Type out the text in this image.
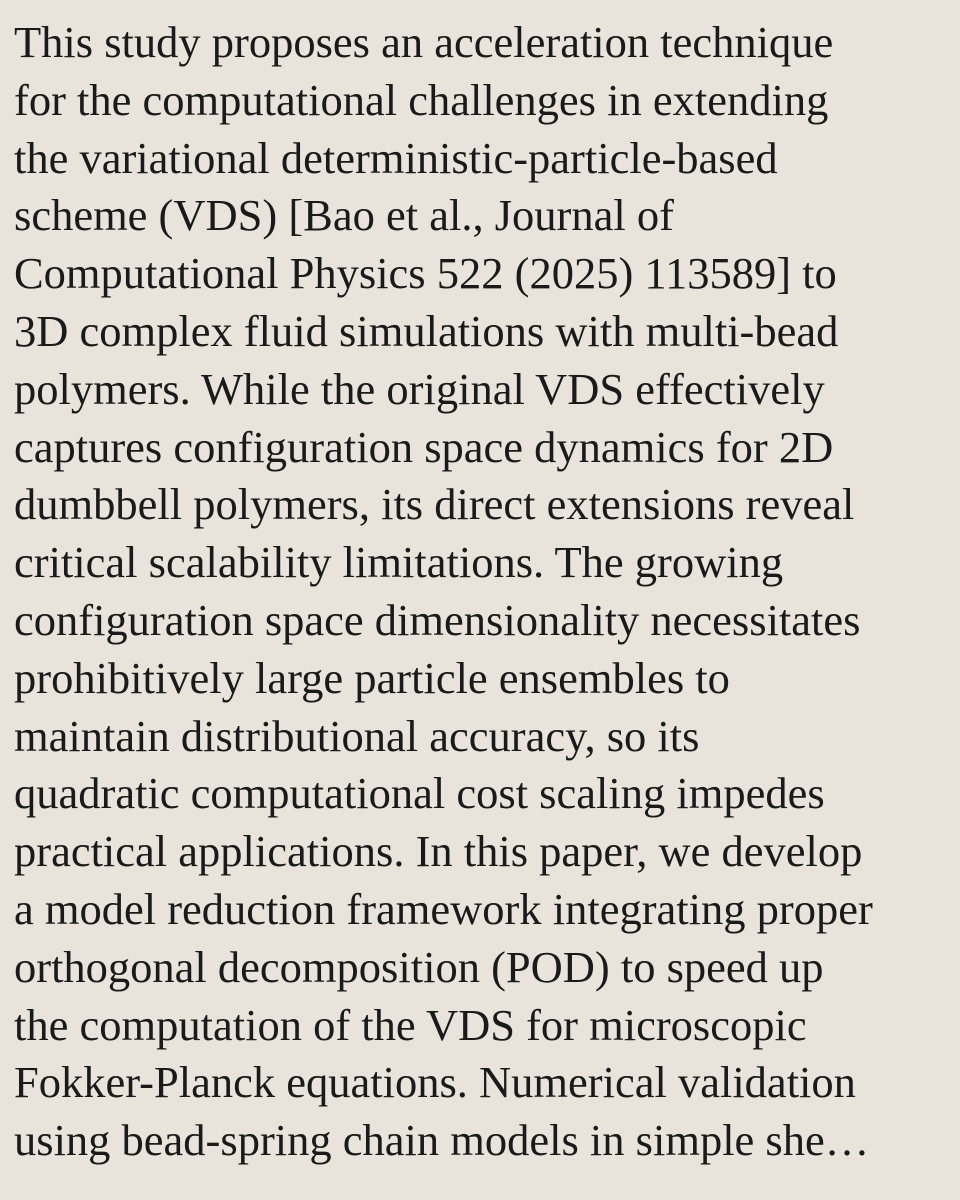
This study proposes an acceleration technique
for the computational challenges in extending
the variational deterministic-particle-based
scheme (VDS) [Bao et al., Journal of
Computational Physics 522 (2025) 113589] to
3D complex fluid simulations with multi-bead
polymers. While the original VDS effectively
captures configuration space dynamics for 2D
dumbbell polymers, its direct extensions reveal
critical scalability limitations. The growing
configuration space dimensionality necessitates
prohibitively large particle ensembles to
maintain distributional accuracy, so its
quadratic computational cost scaling impedes
practical applications. In this paper, we develop
a model reduction framework integrating proper
orthogonal decomposition (POD) to speed up
the computation of the VDS for microscopic
Fokker-Planck equations. Numerical validation
using bead-spring chain models in simple she…
